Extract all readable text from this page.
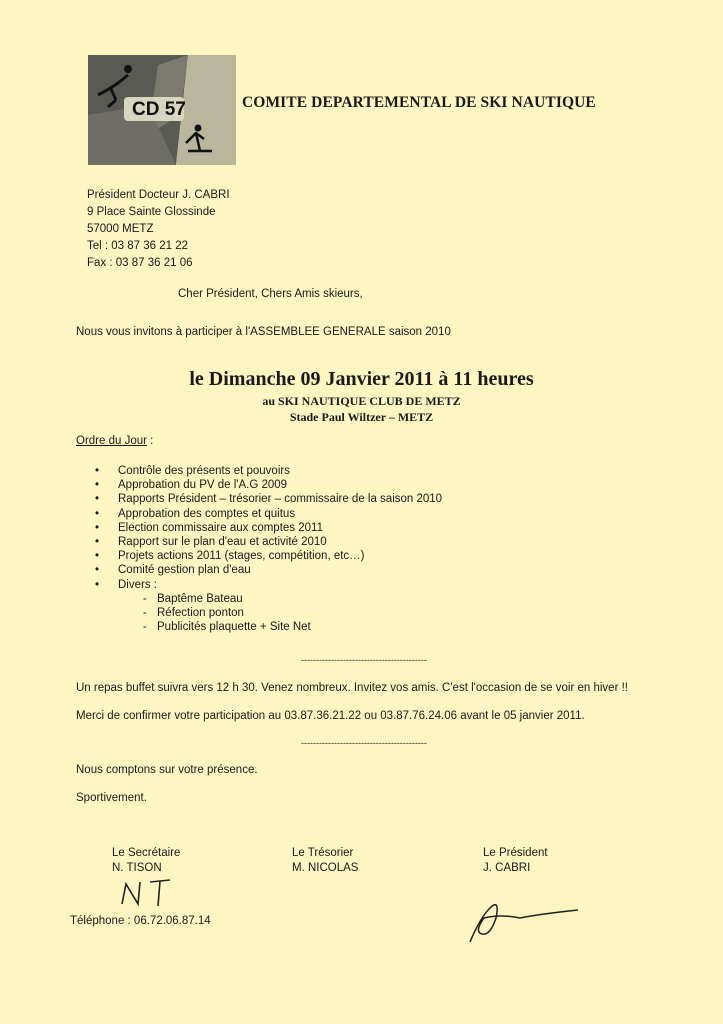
CD 57	COMITE DEPARTEMENTAL DE SKI NAUTIQUE
Président Docteur J. CABRI
9 Place Sainte Glossinde
57000 METZ
Tel : 03 87 36 21 22
Fax : 03 87 36 21 06
Cher Président, Chers Amis skieurs,
Nous vous invitons à participer à l'ASSEMBLEE GENERALE saison 2010
le Dimanche 09 Janvier 2011 à 11 heures
au SKI NAUTIQUE CLUB DE METZ
Stade Paul Wiltzer – METZ
Ordre du Jour :
• Contrôle des présents et pouvoirs
• Approbation du PV de l'A.G 2009
• Rapports Président – trésorier – commissaire de la saison 2010
• Approbation des comptes et quitus
• Election commissaire aux comptes 2011
• Rapport sur le plan d'eau et activité 2010
• Projets actions 2011 (stages, compétition, etc…)
• Comité gestion plan d'eau
• Divers :
- Baptême Bateau
- Réfection ponton
- Publicités plaquette + Site Net
------------------------------------------
Un repas buffet suivra vers 12 h 30. Venez nombreux. Invitez vos amis. C'est l'occasion de se voir en hiver !!
Merci de confirmer votre participation au 03.87.36.21.22 ou 03.87.76.24.06 avant le 05 janvier 2011.
------------------------------------------
Nous comptons sur votre présence.
Sportivement.
Le Secrétaire
N. TISON
Le Trésorier
M. NICOLAS
Le Président
J. CABRI
Téléphone : 06.72.06.87.14
